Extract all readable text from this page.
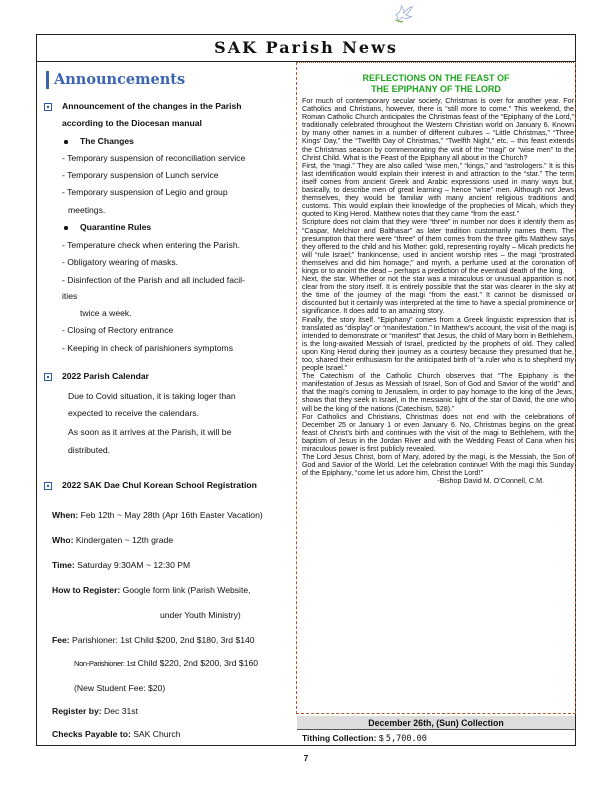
SAK Parish News
Announcements
Announcement of the changes in the Parish
according to the Diocesan manual
The Changes
- Temporary suspension of reconciliation service
- Temporary suspension of Lunch service
- Temporary suspension of Legio and group
meetings.
Quarantine Rules
- Temperature check when entering the Parish.
- Obligatory wearing of masks.
- Disinfection of the Parish and all included facil-
ities
twice a week.
- Closing of Rectory entrance
- Keeping in check of parishioners symptoms
2022 Parish Calendar
Due to Covid situation, it is taking loger than
expected to receive the calendars.
As soon as it arrives at the Parish, it will be
distributed.
2022 SAK Dae Chul Korean School Registration
When: Feb 12th ~ May 28th (Apr 16th Easter Vacation)
Who: Kindergaten ~ 12th grade
Time: Saturday 9:30AM ~ 12:30 PM
How to Register: Google form link (Parish Website,
under Youth Ministry)
Fee: Parishioner: 1st Child $200, 2nd $180, 3rd $140
Non-Parishioner: 1st Child $220, 2nd $200, 3rd $160
(New Student Fee: $20)
Register by: Dec 31st
Checks Payable to: SAK Church
REFLECTIONS ON THE FEAST OF
THE EPIPHANY OF THE LORD

For much of contemporary secular society, Christmas is over for another year. For Catholics and Christians, however, there is “still more to come.” This weekend, the Roman Catholic Church anticipates the Christmas feast of the “Epiphany of the Lord,” traditionally celebrated throughout the Western Christian world on January 6. Known by many other names in a number of different cultures – “Little Christmas,” “Three Kings’ Day,” the “Twelfth Day of Christmas,” “Twelfth Night,” etc. – this feast extends the Christmas season by commemorating the visit of the “magi” or “wise men” to the Christ Child. What is the Feast of the Epiphany all about in the Church?

First, the “magi.” They are also called “wise men,” “kings,” and “astrologers.” It is this last identification would explain their interest in and attraction to the “star.” The term itself comes from ancient Greek and Arabic expressions used in many ways but, basically, to describe men of great learning – hence “wise” men. Although not Jews themselves, they would be familiar with many ancient religious traditions and customs. This would explain their knowledge of the prophecies of Micah, which they quoted to King Herod. Matthew notes that they came “from the east.”

Scripture does not claim that they were “three” in number nor does it identify them as “Caspar, Melchior and Balthasar” as later tradition customarily names them. The presumption that there were “three” of them comes from the three gifts Matthew says they offered to the child and his Mother: gold, representing royalty – Micah predicts he will “rule Israel;” frankincense, used in ancient worship rites – the magi “prostrated themselves and did him homage;” and myrrh, a perfume used at the coronation of kings or to anoint the dead – perhaps a prediction of the eventual death of the king.

Next, the star. Whether or not the star was a miraculous or unusual apparition is not clear from the story itself. It is entirely possible that the star was clearer in the sky at the time of the journey of the magi “from the east.” It cannot be dismissed or discounted but it certainly was interpreted at the time to have a special prominence or significance. It does add to an amazing story.

Finally, the story itself. “Epiphany” comes from a Greek linguistic expression that is translated as “display” or “manifestation.” In Matthew’s account, the visit of the magi is intended to demonstrate or “manifest” that Jesus, the child of Mary born in Bethlehem, is the long-awaited Messiah of Israel, predicted by the prophets of old. They called upon King Herod during their journey as a courtesy because they presumed that he, too, shared their enthusiasm for the anticipated birth of “a ruler who is to shepherd my people Israel.”

The Catechism of the Catholic Church observes that “The Epiphany is the manifestation of Jesus as Messiah of Israel, Son of God and Savior of the world” and that the magi’s coming to Jerusalem, in order to pay homage to the king of the Jews, shows that they seek in Israel, in the messianic light of the star of David, the one who will be the king of the nations (Catechism, 528).”

For Catholics and Christians, Christmas does not end with the celebrations of December 25 or January 1 or even January 6. No, Christmas begins on the great feast of Christ’s birth and continues with the visit of the magi to Bethlehem, with the baptism of Jesus in the Jordan River and with the Wedding Feast of Cana when his miraculous power is first publicly revealed.

The Lord Jesus Christ, born of Mary, adored by the magi, is the Messiah, the Son of God and Savior of the World. Let the celebration continue! With the magi this Sunday of the Epiphany, “come let us adore him, Christ the Lord!”

-Bishop David M. O’Connell, C.M.

December 26th, (Sun) Collection
Tithing Collection: $ 5,700.00
7
